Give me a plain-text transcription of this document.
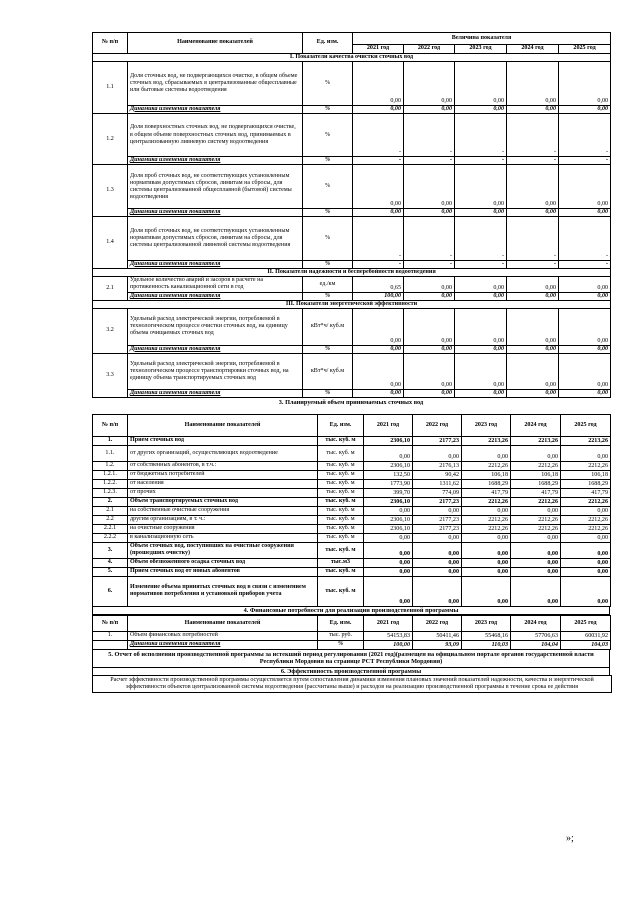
№ п/п	Наименование показателей	Ед. изм.	Величина показателя				
			2021 год	2022 год	2023 год	2024 год	2025 год
I. Показатели качества очистки сточных вод							
1.1	Доля сточных вод, не подвергающихся очистке, в общем объеме сточных вод, сбрасываемых в централизованные общесплавные или бытовые системы водоотведения	%	0,00	0,00	0,00	0,00	0,00
	Динамика изменения показателя	%	0,00	0,00	0,00	0,00	0,00
1.2	Доля поверхностных сточных вод, не подвергающихся очистке, в общем объеме поверхностных сточных вод, принимаемых в централизованную ливневую систему водоотведения	%	-	-	-	-	-
	Динамика изменения показателя	%	-	-	-	-	-
1.3	Доля проб сточных вод, не соответствующих установленным нормативам допустимых сбросов, лимитам на сбросы, для системы централизованной общесплавной (бытовой) системы водоотведения	%	0,00	0,00	0,00	0,00	0,00
	Динамика изменения показателя	%	0,00	0,00	0,00	0,00	0,00
1.4	Доля проб сточных вод, не соответствующих установленным нормативам допустимых сбросов, лимитам на сбросы, для системы централизованной ливневой системы водоотведения	%	-	-	-	-	-
	Динамика изменения показателя	%	-	-	-	-	-
II. Показатели надежности и бесперебойности водоотведения							
2.1	Удельное количество аварий и засоров в расчете на протяженность канализационной сети в год	ед./км	0,65	0,00	0,00	0,00	0,00
	Динамика изменения показателя	%	100,00	0,00	0,00	0,00	0,00
III. Показатели энергетической эффективности							
3.2	Удельный расход электрической энергии, потребляемой в технологическом процессе очистки сточных вод, на единицу объема очищаемых сточных вод	кВт*ч/ куб.м	0,00	0,00	0,00	0,00	0,00
	Динамика изменения показателя	%	0,00	0,00	0,00	0,00	0,00
3.3	Удельный расход электрической энергии, потребляемой в технологическом процессе транспортировки сточных вод, на единицу объема транспортируемых сточных вод	кВт*ч/ куб.м	0,00	0,00	0,00	0,00	0,00
	Динамика изменения показателя	%	0,00	0,00	0,00	0,00	0,00
3. Планируемый объем принимаемых сточных вод
№ п/п	Наименование показателей	Ед. изм.	2021 год	2022 год	2023 год	2024 год	2025 год
1.	Прием сточных вод	тыс. куб. м	2306,10	2177,23	2213,26	2213,26	2213,26
1.1.	от других организаций, осуществляющих водоотведение	тыс. куб. м	0,00	0,00	0,00	0,00	0,00
1.2.	от собственных абонентов, в т.ч.:	тыс. куб. м	2306,10	2176,13	2212,26	2212,26	2212,26
1.2.1.	от бюджетных потребителей	тыс. куб. м	132,50	90,42	106,18	106,18	106,18
1.2.2.	от населения	тыс. куб. м	1773,90	1311,62	1688,29	1688,29	1688,29
1.2.3.	от прочих	тыс. куб. м	399,70	774,09	417,79	417,79	417,79
2.	Объем транспортируемых сточных вод	тыс. куб. м	2306,10	2177,23	2212,26	2212,26	2212,26
2.1	на собственные очистные сооружения	тыс. куб. м	0,00	0,00	0,00	0,00	0,00
2.2	другим организациям, в т. ч.:	тыс. куб. м	2306,10	2177,23	2212,26	2212,26	2212,26
2.2.1	на очистные сооружения	тыс. куб. м	2306,10	2177,23	2212,26	2212,26	2212,26
2.2.2	в канализационную сеть	тыс. куб. м	0,00	0,00	0,00	0,00	0,00
3.	Объем сточных вод, поступивших на очистные сооружения (прошедших очистку)	тыс. куб. м	0,00	0,00	0,00	0,00	0,00
4.	Объем обезвоженного осадка сточных вод	тыс.м3	0,00	0,00	0,00	0,00	0,00
5.	Прием сточных вод от новых абонентов	тыс. куб. м	0,00	0,00	0,00	0,00	0,00
6.	Изменение объема принятых сточных вод в связи с изменением нормативов потребления и установкой приборов учета	тыс. куб. м	0,00	0,00	0,00	0,00	0,00
4. Финансовые потребности для реализации производственной программы
№ п/п	Наименование показателей	Ед. изм.	2021 год	2022 год	2023 год	2024 год	2025 год
1.	Объем финансовых потребностей	тыс. руб.	54153,83	50411,46	55468,16	57706,63	60031,92
	Динамика изменения показателя	%	100,00	93,09	110,03	104,04	104,03
5. Отчет об исполнении производственной программы за истекший период регулирования (2021 год)(размещен на официальном портале органов государственной власти Республики Мордовия на странице РСТ Республики Мордовия)
6. Эффективность производственной программы
Расчет эффективности производственной программы осуществляется путем сопоставления динамики изменения плановых значений показателей надежности, качества и энергетической эффективности объектов централизованной системы водоотведения (рассчитаны выше) и расходов на реализацию производственной программы в течение срока ее действия
»;
